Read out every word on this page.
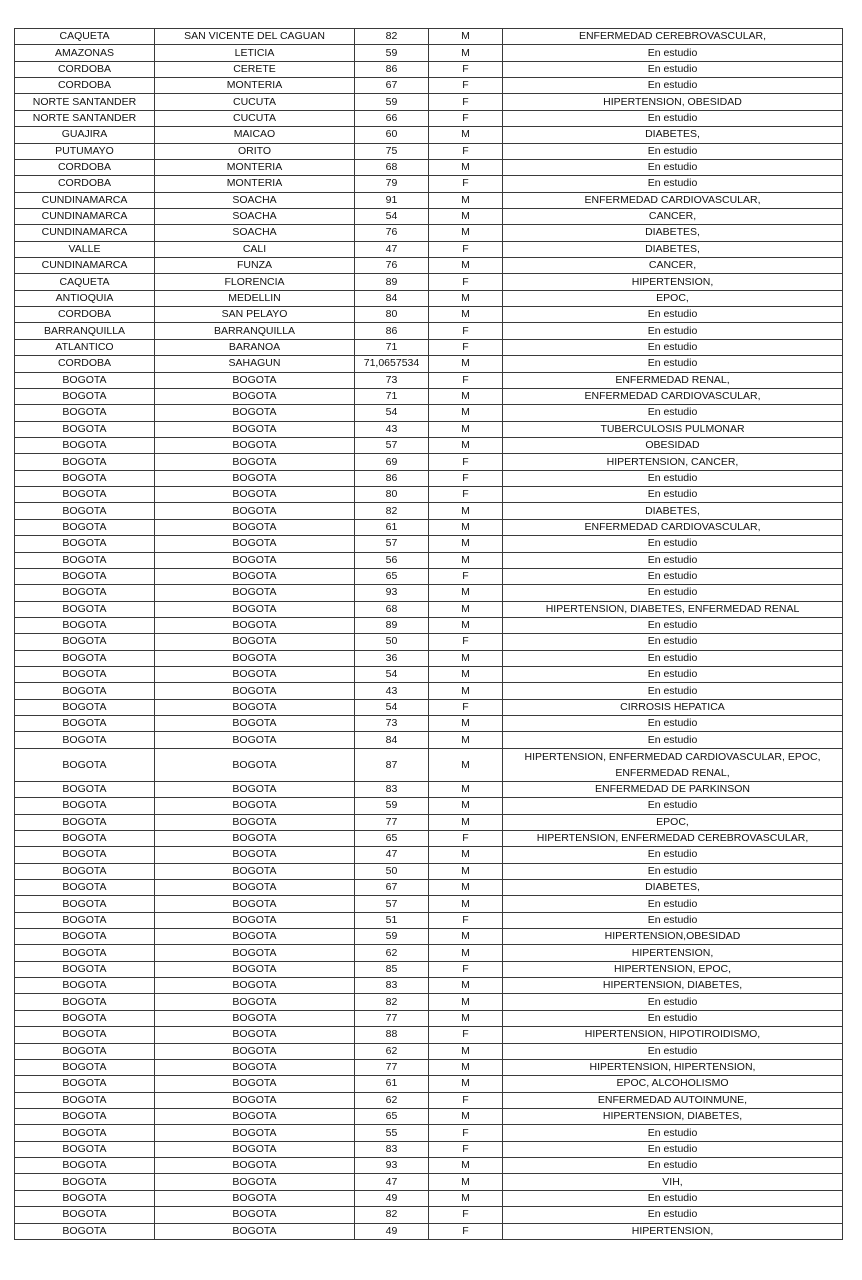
CAQUETA	SAN VICENTE DEL CAGUAN	82	M	ENFERMEDAD CEREBROVASCULAR,
AMAZONAS	LETICIA	59	M	En estudio
CORDOBA	CERETE	86	F	En estudio
CORDOBA	MONTERIA	67	F	En estudio
NORTE SANTANDER	CUCUTA	59	F	HIPERTENSION, OBESIDAD
NORTE SANTANDER	CUCUTA	66	F	En estudio
GUAJIRA	MAICAO	60	M	DIABETES,
PUTUMAYO	ORITO	75	F	En estudio
CORDOBA	MONTERIA	68	M	En estudio
CORDOBA	MONTERIA	79	F	En estudio
CUNDINAMARCA	SOACHA	91	M	ENFERMEDAD CARDIOVASCULAR,
CUNDINAMARCA	SOACHA	54	M	CANCER,
CUNDINAMARCA	SOACHA	76	M	DIABETES,
VALLE	CALI	47	F	DIABETES,
CUNDINAMARCA	FUNZA	76	M	CANCER,
CAQUETA	FLORENCIA	89	F	HIPERTENSION,
ANTIOQUIA	MEDELLIN	84	M	EPOC,
CORDOBA	SAN PELAYO	80	M	En estudio
BARRANQUILLA	BARRANQUILLA	86	F	En estudio
ATLANTICO	BARANOA	71	F	En estudio
CORDOBA	SAHAGUN	71,0657534	M	En estudio
BOGOTA	BOGOTA	73	F	ENFERMEDAD RENAL,
BOGOTA	BOGOTA	71	M	ENFERMEDAD CARDIOVASCULAR,
BOGOTA	BOGOTA	54	M	En estudio
BOGOTA	BOGOTA	43	M	TUBERCULOSIS PULMONAR
BOGOTA	BOGOTA	57	M	OBESIDAD
BOGOTA	BOGOTA	69	F	HIPERTENSION, CANCER,
BOGOTA	BOGOTA	86	F	En estudio
BOGOTA	BOGOTA	80	F	En estudio
BOGOTA	BOGOTA	82	M	DIABETES,
BOGOTA	BOGOTA	61	M	ENFERMEDAD CARDIOVASCULAR,
BOGOTA	BOGOTA	57	M	En estudio
BOGOTA	BOGOTA	56	M	En estudio
BOGOTA	BOGOTA	65	F	En estudio
BOGOTA	BOGOTA	93	M	En estudio
BOGOTA	BOGOTA	68	M	HIPERTENSION, DIABETES, ENFERMEDAD RENAL
BOGOTA	BOGOTA	89	M	En estudio
BOGOTA	BOGOTA	50	F	En estudio
BOGOTA	BOGOTA	36	M	En estudio
BOGOTA	BOGOTA	54	M	En estudio
BOGOTA	BOGOTA	43	M	En estudio
BOGOTA	BOGOTA	54	F	CIRROSIS HEPATICA
BOGOTA	BOGOTA	73	M	En estudio
BOGOTA	BOGOTA	84	M	En estudio
BOGOTA	BOGOTA	87	M	HIPERTENSION, ENFERMEDAD CARDIOVASCULAR, EPOC, ENFERMEDAD RENAL,
BOGOTA	BOGOTA	83	M	ENFERMEDAD DE PARKINSON
BOGOTA	BOGOTA	59	M	En estudio
BOGOTA	BOGOTA	77	M	EPOC,
BOGOTA	BOGOTA	65	F	HIPERTENSION, ENFERMEDAD CEREBROVASCULAR,
BOGOTA	BOGOTA	47	M	En estudio
BOGOTA	BOGOTA	50	M	En estudio
BOGOTA	BOGOTA	67	M	DIABETES,
BOGOTA	BOGOTA	57	M	En estudio
BOGOTA	BOGOTA	51	F	En estudio
BOGOTA	BOGOTA	59	M	HIPERTENSION,OBESIDAD
BOGOTA	BOGOTA	62	M	HIPERTENSION,
BOGOTA	BOGOTA	85	F	HIPERTENSION, EPOC,
BOGOTA	BOGOTA	83	M	HIPERTENSION, DIABETES,
BOGOTA	BOGOTA	82	M	En estudio
BOGOTA	BOGOTA	77	M	En estudio
BOGOTA	BOGOTA	88	F	HIPERTENSION, HIPOTIROIDISMO,
BOGOTA	BOGOTA	62	M	En estudio
BOGOTA	BOGOTA	77	M	HIPERTENSION, HIPERTENSION,
BOGOTA	BOGOTA	61	M	EPOC, ALCOHOLISMO
BOGOTA	BOGOTA	62	F	ENFERMEDAD AUTOINMUNE,
BOGOTA	BOGOTA	65	M	HIPERTENSION, DIABETES,
BOGOTA	BOGOTA	55	F	En estudio
BOGOTA	BOGOTA	83	F	En estudio
BOGOTA	BOGOTA	93	M	En estudio
BOGOTA	BOGOTA	47	M	VIH,
BOGOTA	BOGOTA	49	M	En estudio
BOGOTA	BOGOTA	82	F	En estudio
BOGOTA	BOGOTA	49	F	HIPERTENSION,
